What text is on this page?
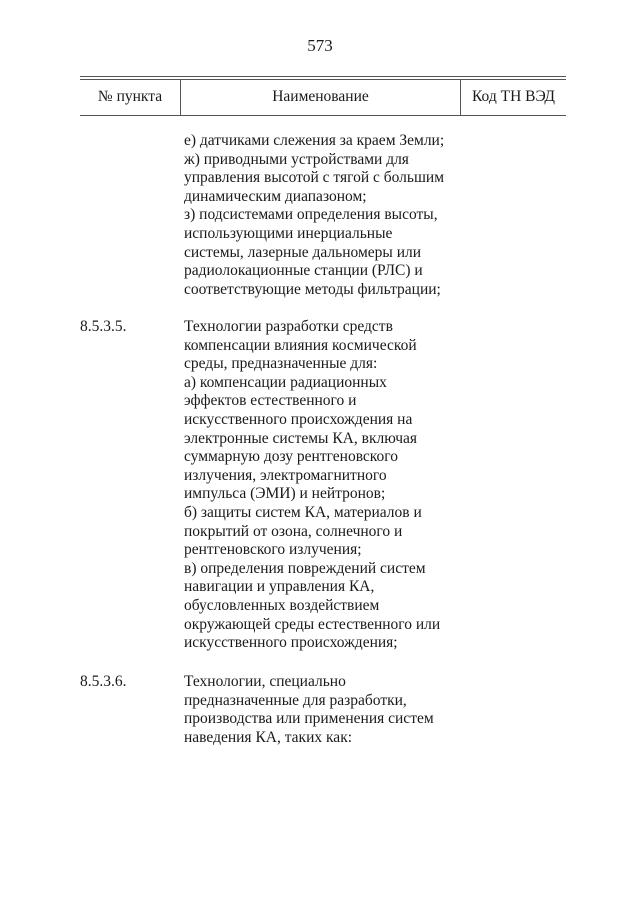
573
№ пункта	Наименование	Код ТН ВЭД
е) датчиками слежения за краем Земли;
ж) приводными устройствами для
управления высотой с тягой с большим
динамическим диапазоном;
з) подсистемами определения высоты,
использующими инерциальные
системы, лазерные дальномеры или
радиолокационные станции (РЛС) и
соответствующие методы фильтрации;
8.5.3.5.	Технологии разработки средств
компенсации влияния космической
среды, предназначенные для:
а) компенсации радиационных
эффектов естественного и
искусственного происхождения на
электронные системы КА, включая
суммарную дозу рентгеновского
излучения, электромагнитного
импульса (ЭМИ) и нейтронов;
б) защиты систем КА, материалов и
покрытий от озона, солнечного и
рентгеновского излучения;
в) определения повреждений систем
навигации и управления КА,
обусловленных воздействием
окружающей среды естественного или
искусственного происхождения;
8.5.3.6.	Технологии, специально
предназначенные для разработки,
производства или применения систем
наведения КА, таких как:
